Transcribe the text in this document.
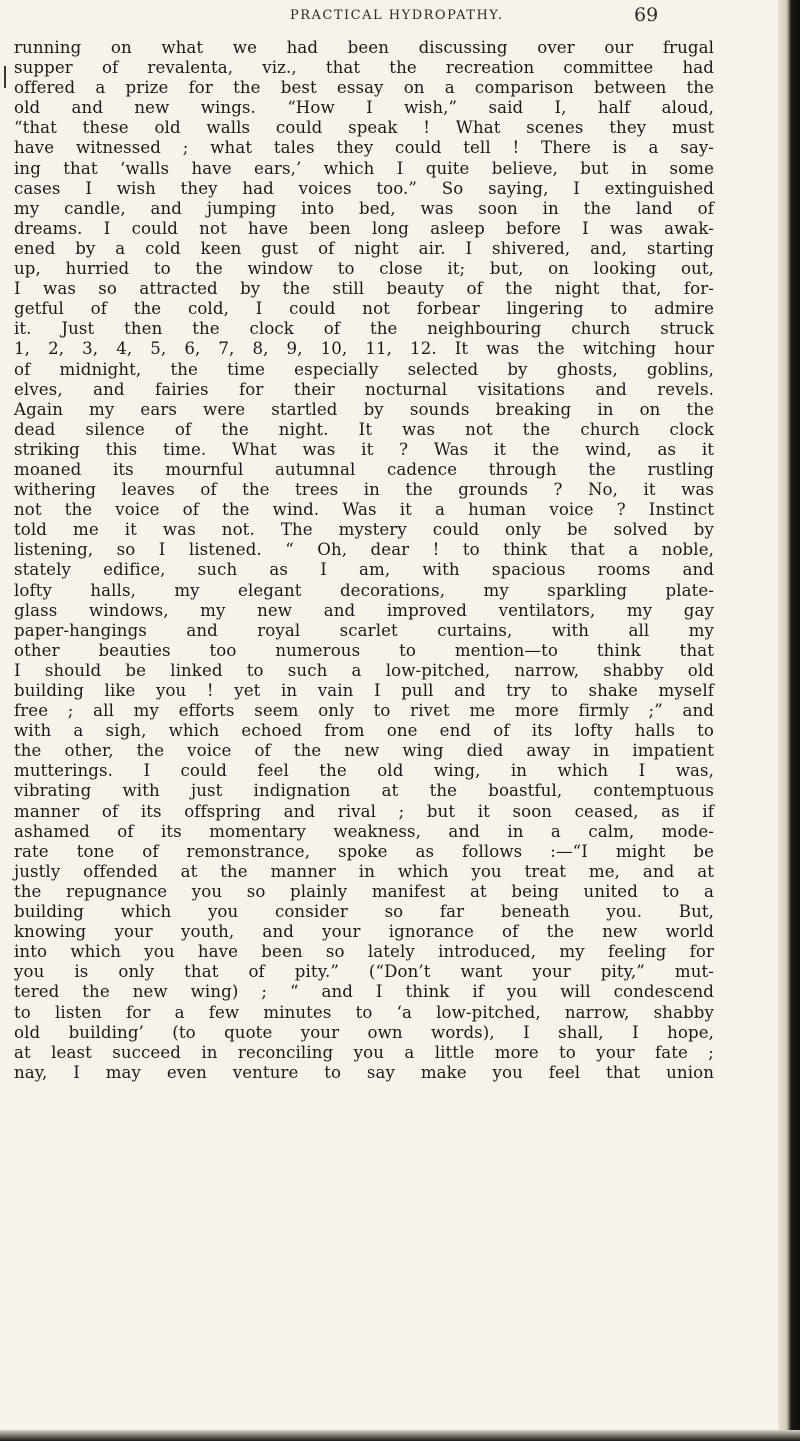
PRACTICAL HYDROPATHY.	69
running on what we had been discussing over our frugal
supper of revalenta, viz., that the recreation committee had
offered a prize for the best essay on a comparison between the
old and new wings. “How I wish,” said I, half aloud,
“that these old walls could speak ! What scenes they must
have witnessed ; what tales they could tell ! There is a say-
ing that ‘walls have ears,’ which I quite believe, but in some
cases I wish they had voices too.” So saying, I extinguished
my candle, and jumping into bed, was soon in the land of
dreams. I could not have been long asleep before I was awak-
ened by a cold keen gust of night air. I shivered, and, starting
up, hurried to the window to close it; but, on looking out,
I was so attracted by the still beauty of the night that, for-
getful of the cold, I could not forbear lingering to admire
it. Just then the clock of the neighbouring church struck
1, 2, 3, 4, 5, 6, 7, 8, 9, 10, 11, 12. It was the witching hour
of midnight, the time especially selected by ghosts, goblins,
elves, and fairies for their nocturnal visitations and revels.
Again my ears were startled by sounds breaking in on the
dead silence of the night. It was not the church clock
striking this time. What was it ? Was it the wind, as it
moaned its mournful autumnal cadence through the rustling
withering leaves of the trees in the grounds ? No, it was
not the voice of the wind. Was it a human voice ? Instinct
told me it was not. The mystery could only be solved by
listening, so I listened. “ Oh, dear ! to think that a noble,
stately edifice, such as I am, with spacious rooms and
lofty halls, my elegant decorations, my sparkling plate-
glass windows, my new and improved ventilators, my gay
paper-hangings and royal scarlet curtains, with all my
other beauties too numerous to mention—to think that
I should be linked to such a low-pitched, narrow, shabby old
building like you ! yet in vain I pull and try to shake myself
free ; all my efforts seem only to rivet me more firmly ;” and
with a sigh, which echoed from one end of its lofty halls to
the other, the voice of the new wing died away in impatient
mutterings. I could feel the old wing, in which I was,
vibrating with just indignation at the boastful, contemptuous
manner of its offspring and rival ; but it soon ceased, as if
ashamed of its momentary weakness, and in a calm, mode-
rate tone of remonstrance, spoke as follows :—“I might be
justly offended at the manner in which you treat me, and at
the repugnance you so plainly manifest at being united to a
building which you consider so far beneath you. But,
knowing your youth, and your ignorance of the new world
into which you have been so lately introduced, my feeling for
you is only that of pity.” (“Don’t want your pity,” mut-
tered the new wing) ; “ and I think if you will condescend
to listen for a few minutes to ‘a low-pitched, narrow, shabby
old building’ (to quote your own words), I shall, I hope,
at least succeed in reconciling you a little more to your fate ;
nay, I may even venture to say make you feel that union
